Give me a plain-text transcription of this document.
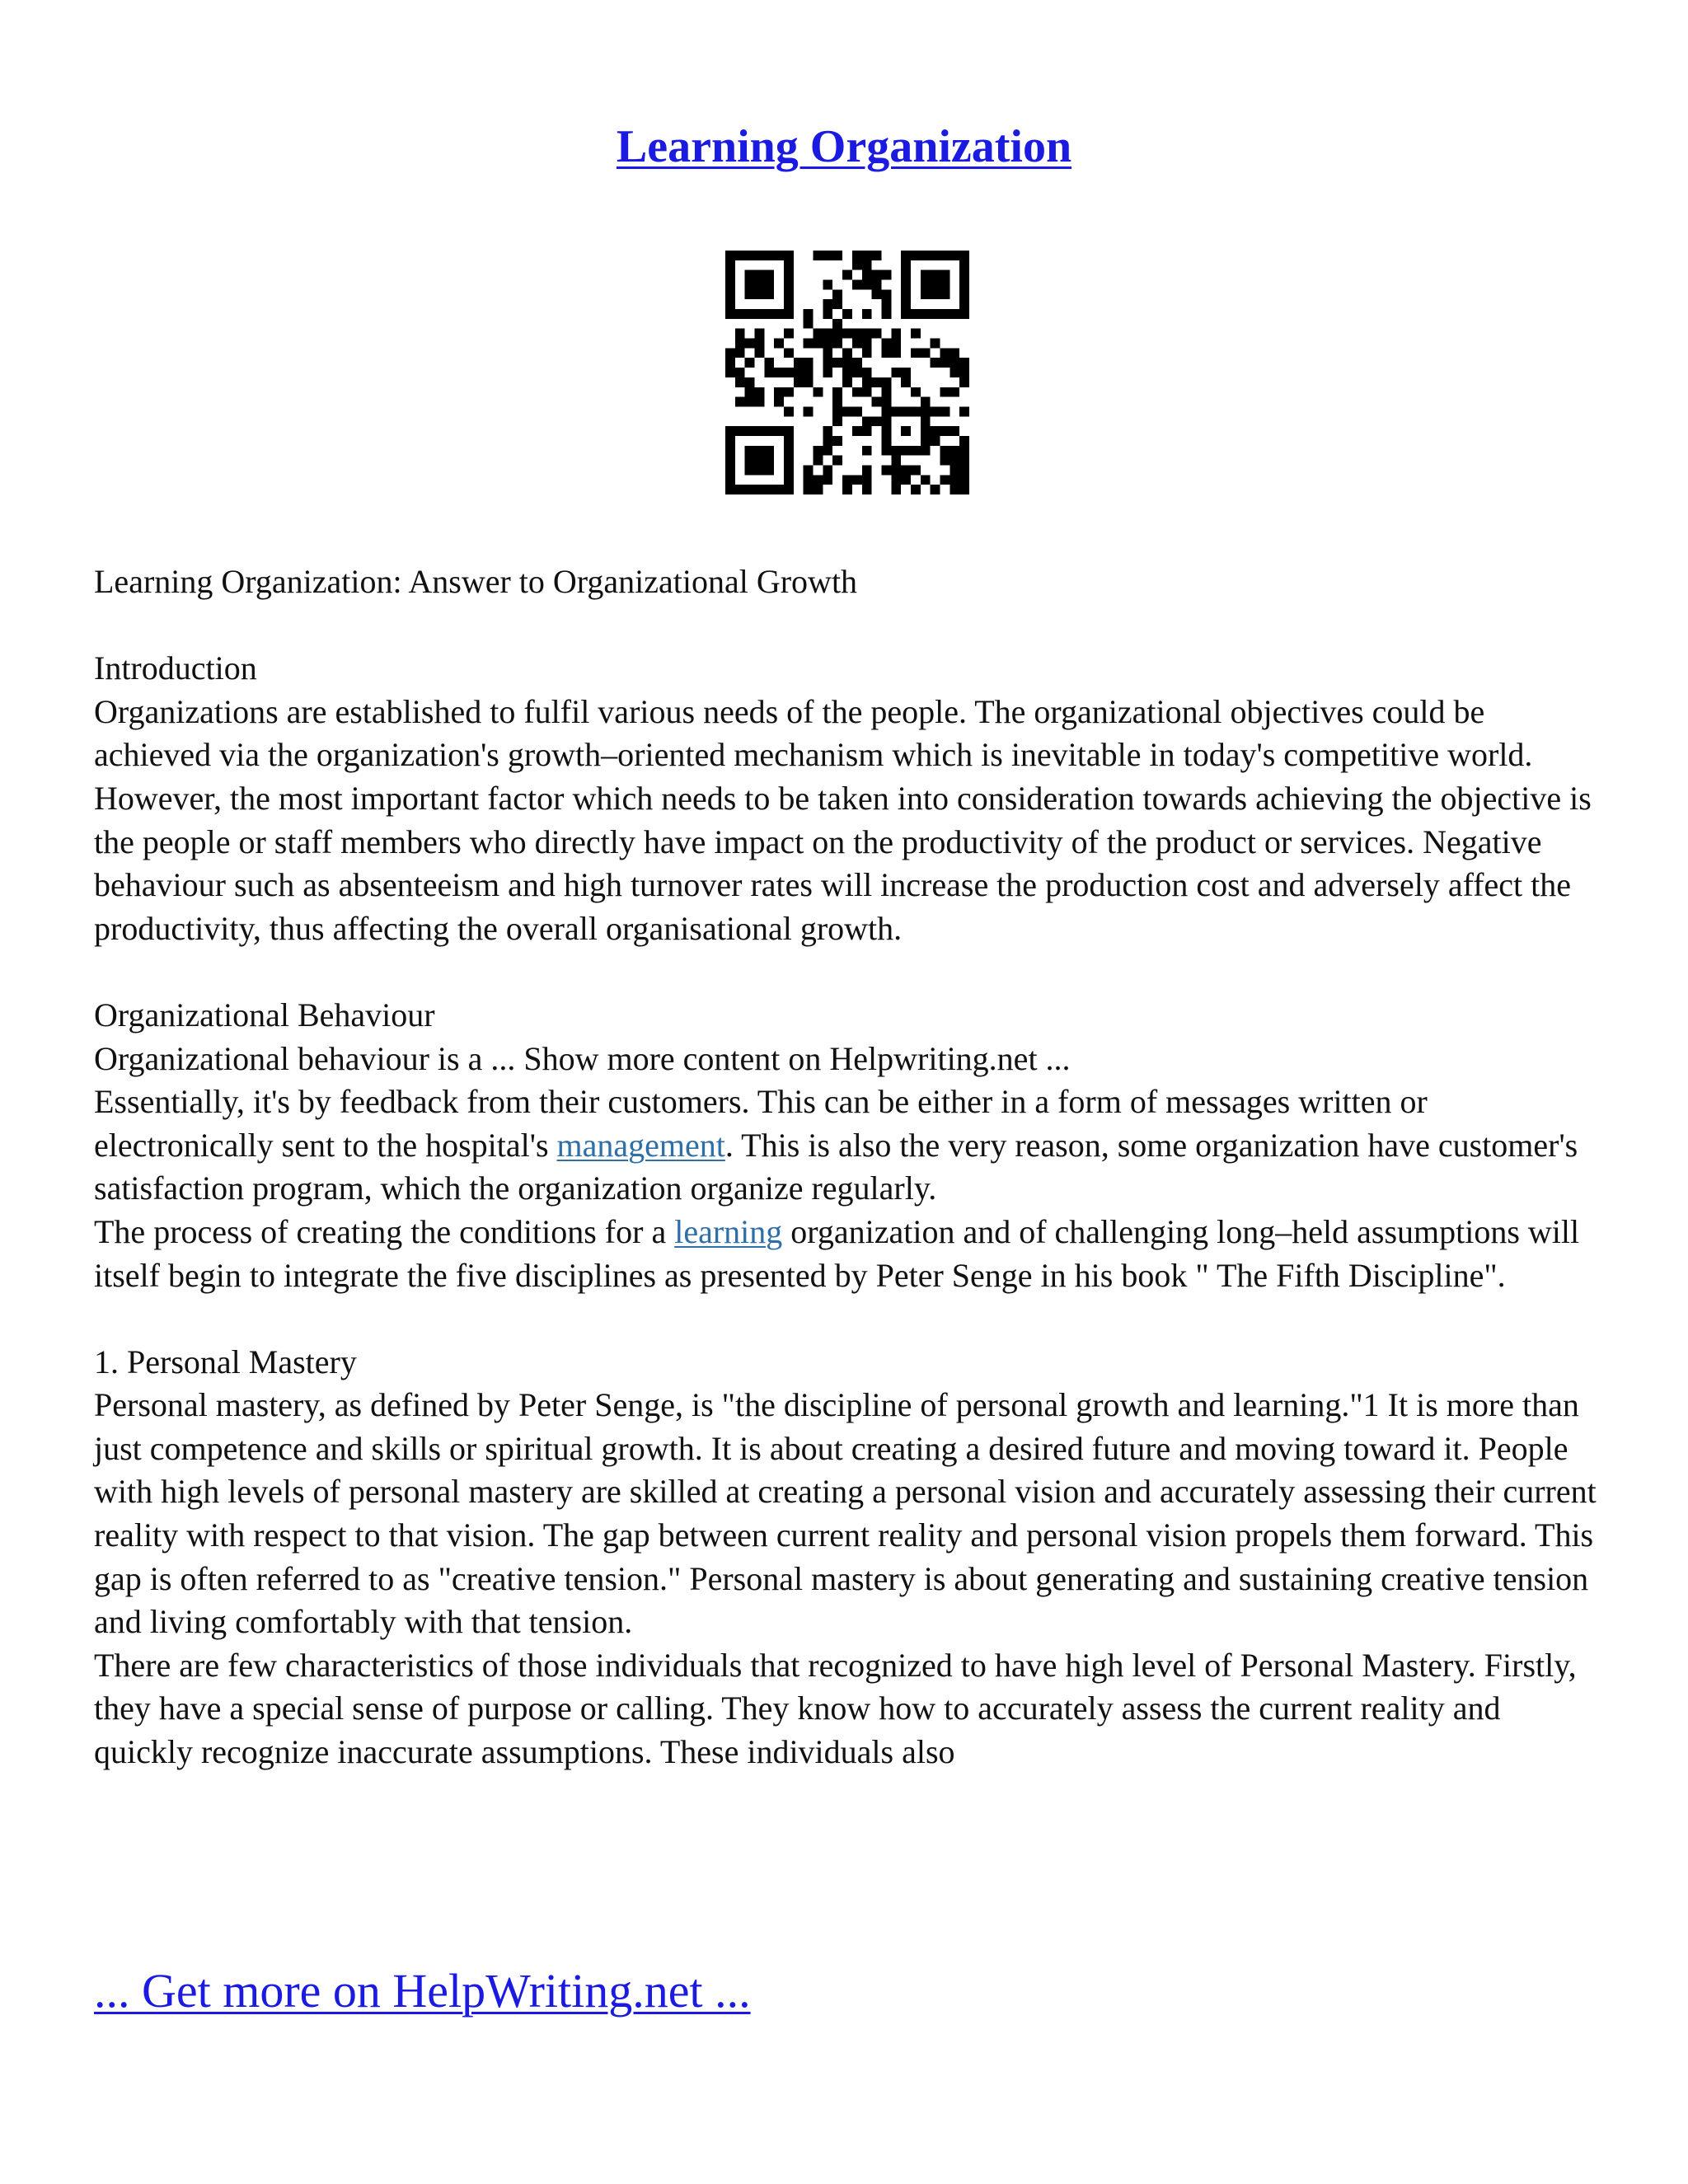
Learning Organization

Learning Organization: Answer to Organizational Growth

Introduction

Organizations are established to fulfil various needs of the people. The organizational objectives could be achieved via the organization's growth–oriented mechanism which is inevitable in today's competitive world. However, the most important factor which needs to be taken into consideration towards achieving the objective is the people or staff members who directly have impact on the productivity of the product or services. Negative behaviour such as absenteeism and high turnover rates will increase the production cost and adversely affect the productivity, thus affecting the overall organisational growth.

Organizational Behaviour

Organizational behaviour is a ... Show more content on Helpwriting.net ...

Essentially, it's by feedback from their customers. This can be either in a form of messages written or electronically sent to the hospital's management. This is also the very reason, some organization have customer's satisfaction program, which the organization organize regularly.

The process of creating the conditions for a learning organization and of challenging long–held assumptions will itself begin to integrate the five disciplines as presented by Peter Senge in his book " The Fifth Discipline".

1. Personal Mastery

Personal mastery, as defined by Peter Senge, is "the discipline of personal growth and learning."1 It is more than just competence and skills or spiritual growth. It is about creating a desired future and moving toward it. People with high levels of personal mastery are skilled at creating a personal vision and accurately assessing their current reality with respect to that vision. The gap between current reality and personal vision propels them forward. This gap is often referred to as "creative tension." Personal mastery is about generating and sustaining creative tension and living comfortably with that tension.

There are few characteristics of those individuals that recognized to have high level of Personal Mastery. Firstly, they have a special sense of purpose or calling. They know how to accurately assess the current reality and quickly recognize inaccurate assumptions. These individuals also

... Get more on HelpWriting.net ...
